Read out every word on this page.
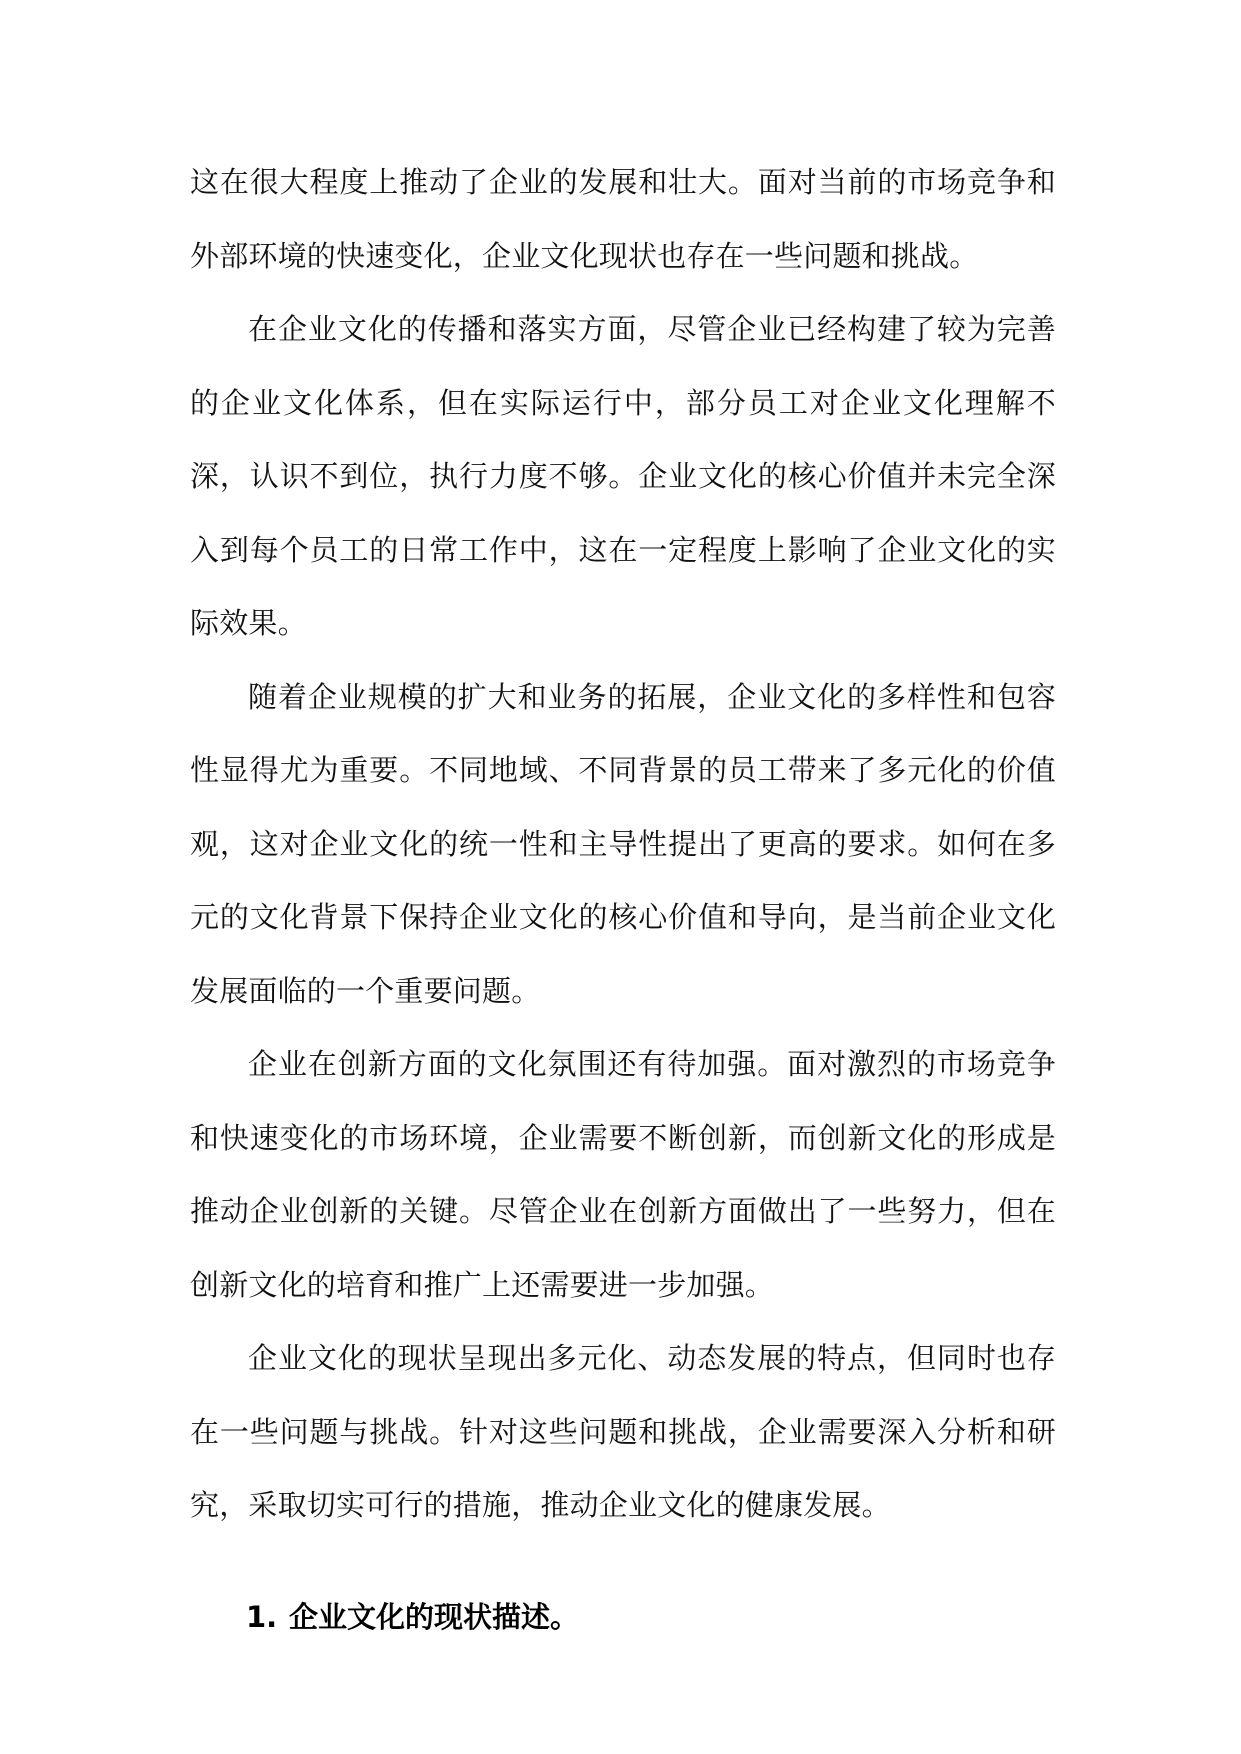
这在很大程度上推动了企业的发展和壮大。面对当前的市场竞争和外部环境的快速变化，企业文化现状也存在一些问题和挑战。

在企业文化的传播和落实方面，尽管企业已经构建了较为完善的企业文化体系，但在实际运行中，部分员工对企业文化理解不深，认识不到位，执行力度不够。企业文化的核心价值并未完全深入到每个员工的日常工作中，这在一定程度上影响了企业文化的实际效果。

随着企业规模的扩大和业务的拓展，企业文化的多样性和包容性显得尤为重要。不同地域、不同背景的员工带来了多元化的价值观，这对企业文化的统一性和主导性提出了更高的要求。如何在多元的文化背景下保持企业文化的核心价值和导向，是当前企业文化发展面临的一个重要问题。

企业在创新方面的文化氛围还有待加强。面对激烈的市场竞争和快速变化的市场环境，企业需要不断创新，而创新文化的形成是推动企业创新的关键。尽管企业在创新方面做出了一些努力，但在创新文化的培育和推广上还需要进一步加强。

企业文化的现状呈现出多元化、动态发展的特点，但同时也存在一些问题与挑战。针对这些问题和挑战，企业需要深入分析和研究，采取切实可行的措施，推动企业文化的健康发展。

1. 企业文化的现状描述。
